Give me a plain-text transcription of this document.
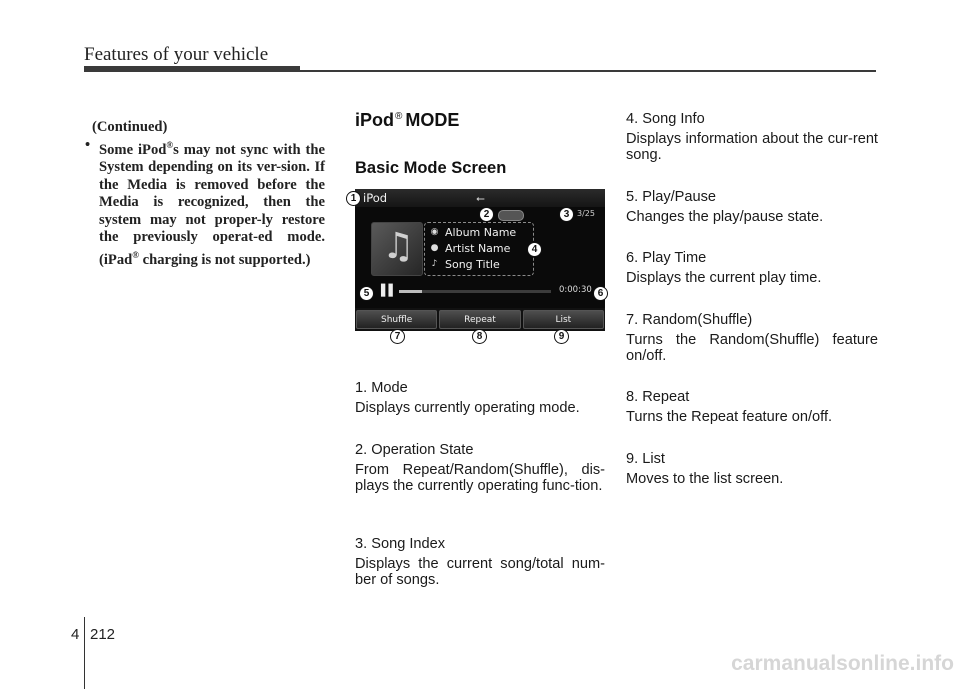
Features of your vehicle
(Continued)
• Some iPod®s may not sync with the System depending on its ver-sion. If the Media is removed before the Media is recognized, then the system may not proper-ly restore the previously operat-ed mode. (iPad® charging is not supported.)
iPod® MODE
Basic Mode Screen
1. Mode
Displays currently operating mode.
2. Operation State
From Repeat/Random(Shuffle), dis-plays the currently operating func-tion.
3. Song Index
Displays the current song/total num-ber of songs.
iPod	⭠
3/25
♫ ◉ Album Name
● Artist Name
♪ Song Title
▌▌	0:00:30
Shuffle	Repeat	List
1
2	3
4
5	6
7	8	9
4. Song Info
Displays information about the cur-rent song.
5. Play/Pause
Changes the play/pause state.
6. Play Time
Displays the current play time.
7. Random(Shuffle)
Turns the Random(Shuffle) feature on/off.
8. Repeat
Turns the Repeat feature on/off.
9. List
Moves to the list screen.
4 212
carmanualsonline.info
